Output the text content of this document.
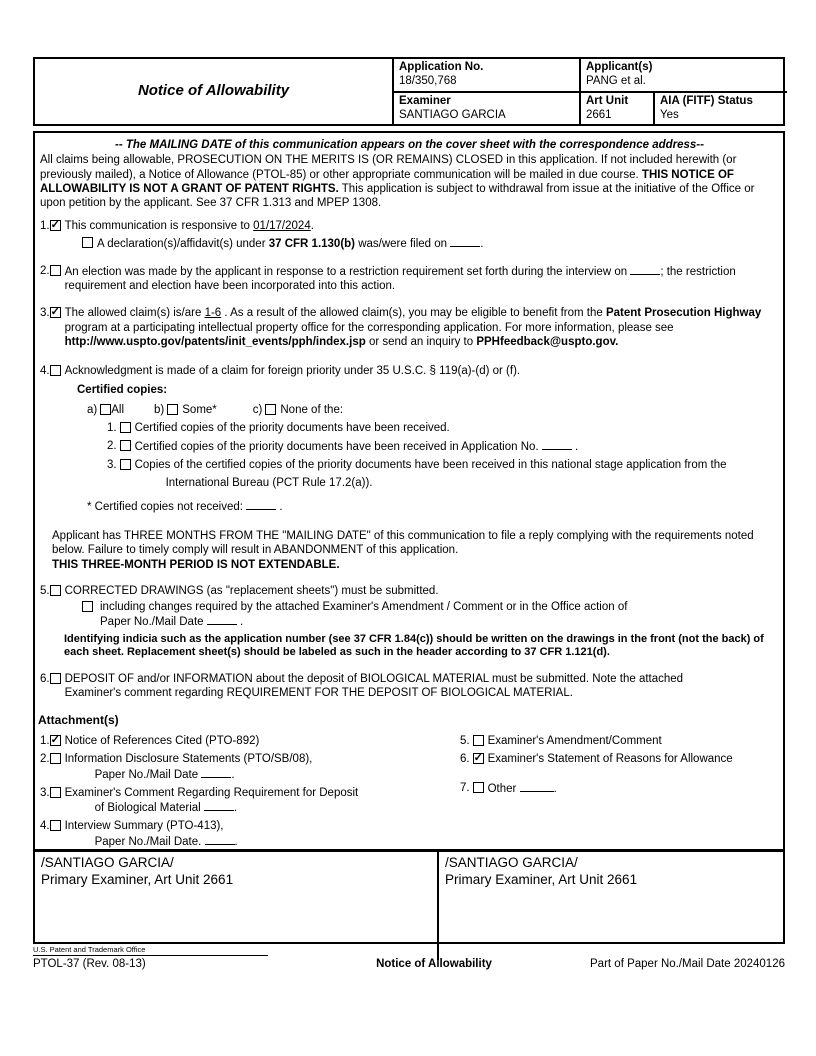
Notice of Allowability
Application No.
18/350,768
Applicant(s)
PANG et al.
Examiner
SANTIAGO GARCIA
Art Unit
2661
AIA (FITF) Status
Yes
-- The MAILING DATE of this communication appears on the cover sheet with the correspondence address--
All claims being allowable, PROSECUTION ON THE MERITS IS (OR REMAINS) CLOSED in this application. If not included herewith (or previously mailed), a Notice of Allowance (PTOL-85) or other appropriate communication will be mailed in due course. THIS NOTICE OF ALLOWABILITY IS NOT A GRANT OF PATENT RIGHTS. This application is subject to withdrawal from issue at the initiative of the Office or upon petition by the applicant. See 37 CFR 1.313 and MPEP 1308.
1. ✓ This communication is responsive to 01/17/2024.
A declaration(s)/affidavit(s) under 37 CFR 1.130(b) was/were filed on	.
2. An election was made by the applicant in response to a restriction requirement set forth during the interview on	; the restriction requirement and election have been incorporated into this action.
3. ✓ The allowed claim(s) is/are 1-6 . As a result of the allowed claim(s), you may be eligible to benefit from the Patent Prosecution Highway program at a participating intellectual property office for the corresponding application. For more information, please see http://www.uspto.gov/patents/init_events/pph/index.jsp or send an inquiry to PPHfeedback@uspto.gov.
4. Acknowledgment is made of a claim for foreign priority under 35 U.S.C. § 119(a)-(d) or (f).
Certified copies:
a) All	b) Some*	c) None of the:
1. Certified copies of the priority documents have been received.
2. Certified copies of the priority documents have been received in Application No.	.
3. Copies of the certified copies of the priority documents have been received in this national stage application from the
International Bureau (PCT Rule 17.2(a)).
* Certified copies not received:	.
Applicant has THREE MONTHS FROM THE "MAILING DATE" of this communication to file a reply complying with the requirements noted below. Failure to timely comply will result in ABANDONMENT of this application.
THIS THREE-MONTH PERIOD IS NOT EXTENDABLE.
5. CORRECTED DRAWINGS (as "replacement sheets") must be submitted.
including changes required by the attached Examiner's Amendment / Comment or in the Office action of
Paper No./Mail Date	.
Identifying indicia such as the application number (see 37 CFR 1.84(c)) should be written on the drawings in the front (not the back) of each sheet. Replacement sheet(s) should be labeled as such in the header according to 37 CFR 1.121(d).
6. DEPOSIT OF and/or INFORMATION about the deposit of BIOLOGICAL MATERIAL must be submitted. Note the attached Examiner's comment regarding REQUIREMENT FOR THE DEPOSIT OF BIOLOGICAL MATERIAL.
Attachment(s)
1. ✓ Notice of References Cited (PTO-892)
2. Information Disclosure Statements (PTO/SB/08),
Paper No./Mail Date	.
3. Examiner's Comment Regarding Requirement for Deposit
of Biological Material	.
4. Interview Summary (PTO-413),
Paper No./Mail Date.	.
5. Examiner's Amendment/Comment
6. ✓ Examiner's Statement of Reasons for Allowance
7. Other	.
/SANTIAGO GARCIA/
Primary Examiner, Art Unit 2661
/SANTIAGO GARCIA/
Primary Examiner, Art Unit 2661
U.S. Patent and Trademark Office
PTOL-37 (Rev. 08-13)	Notice of Allowability	Part of Paper No./Mail Date 20240126
